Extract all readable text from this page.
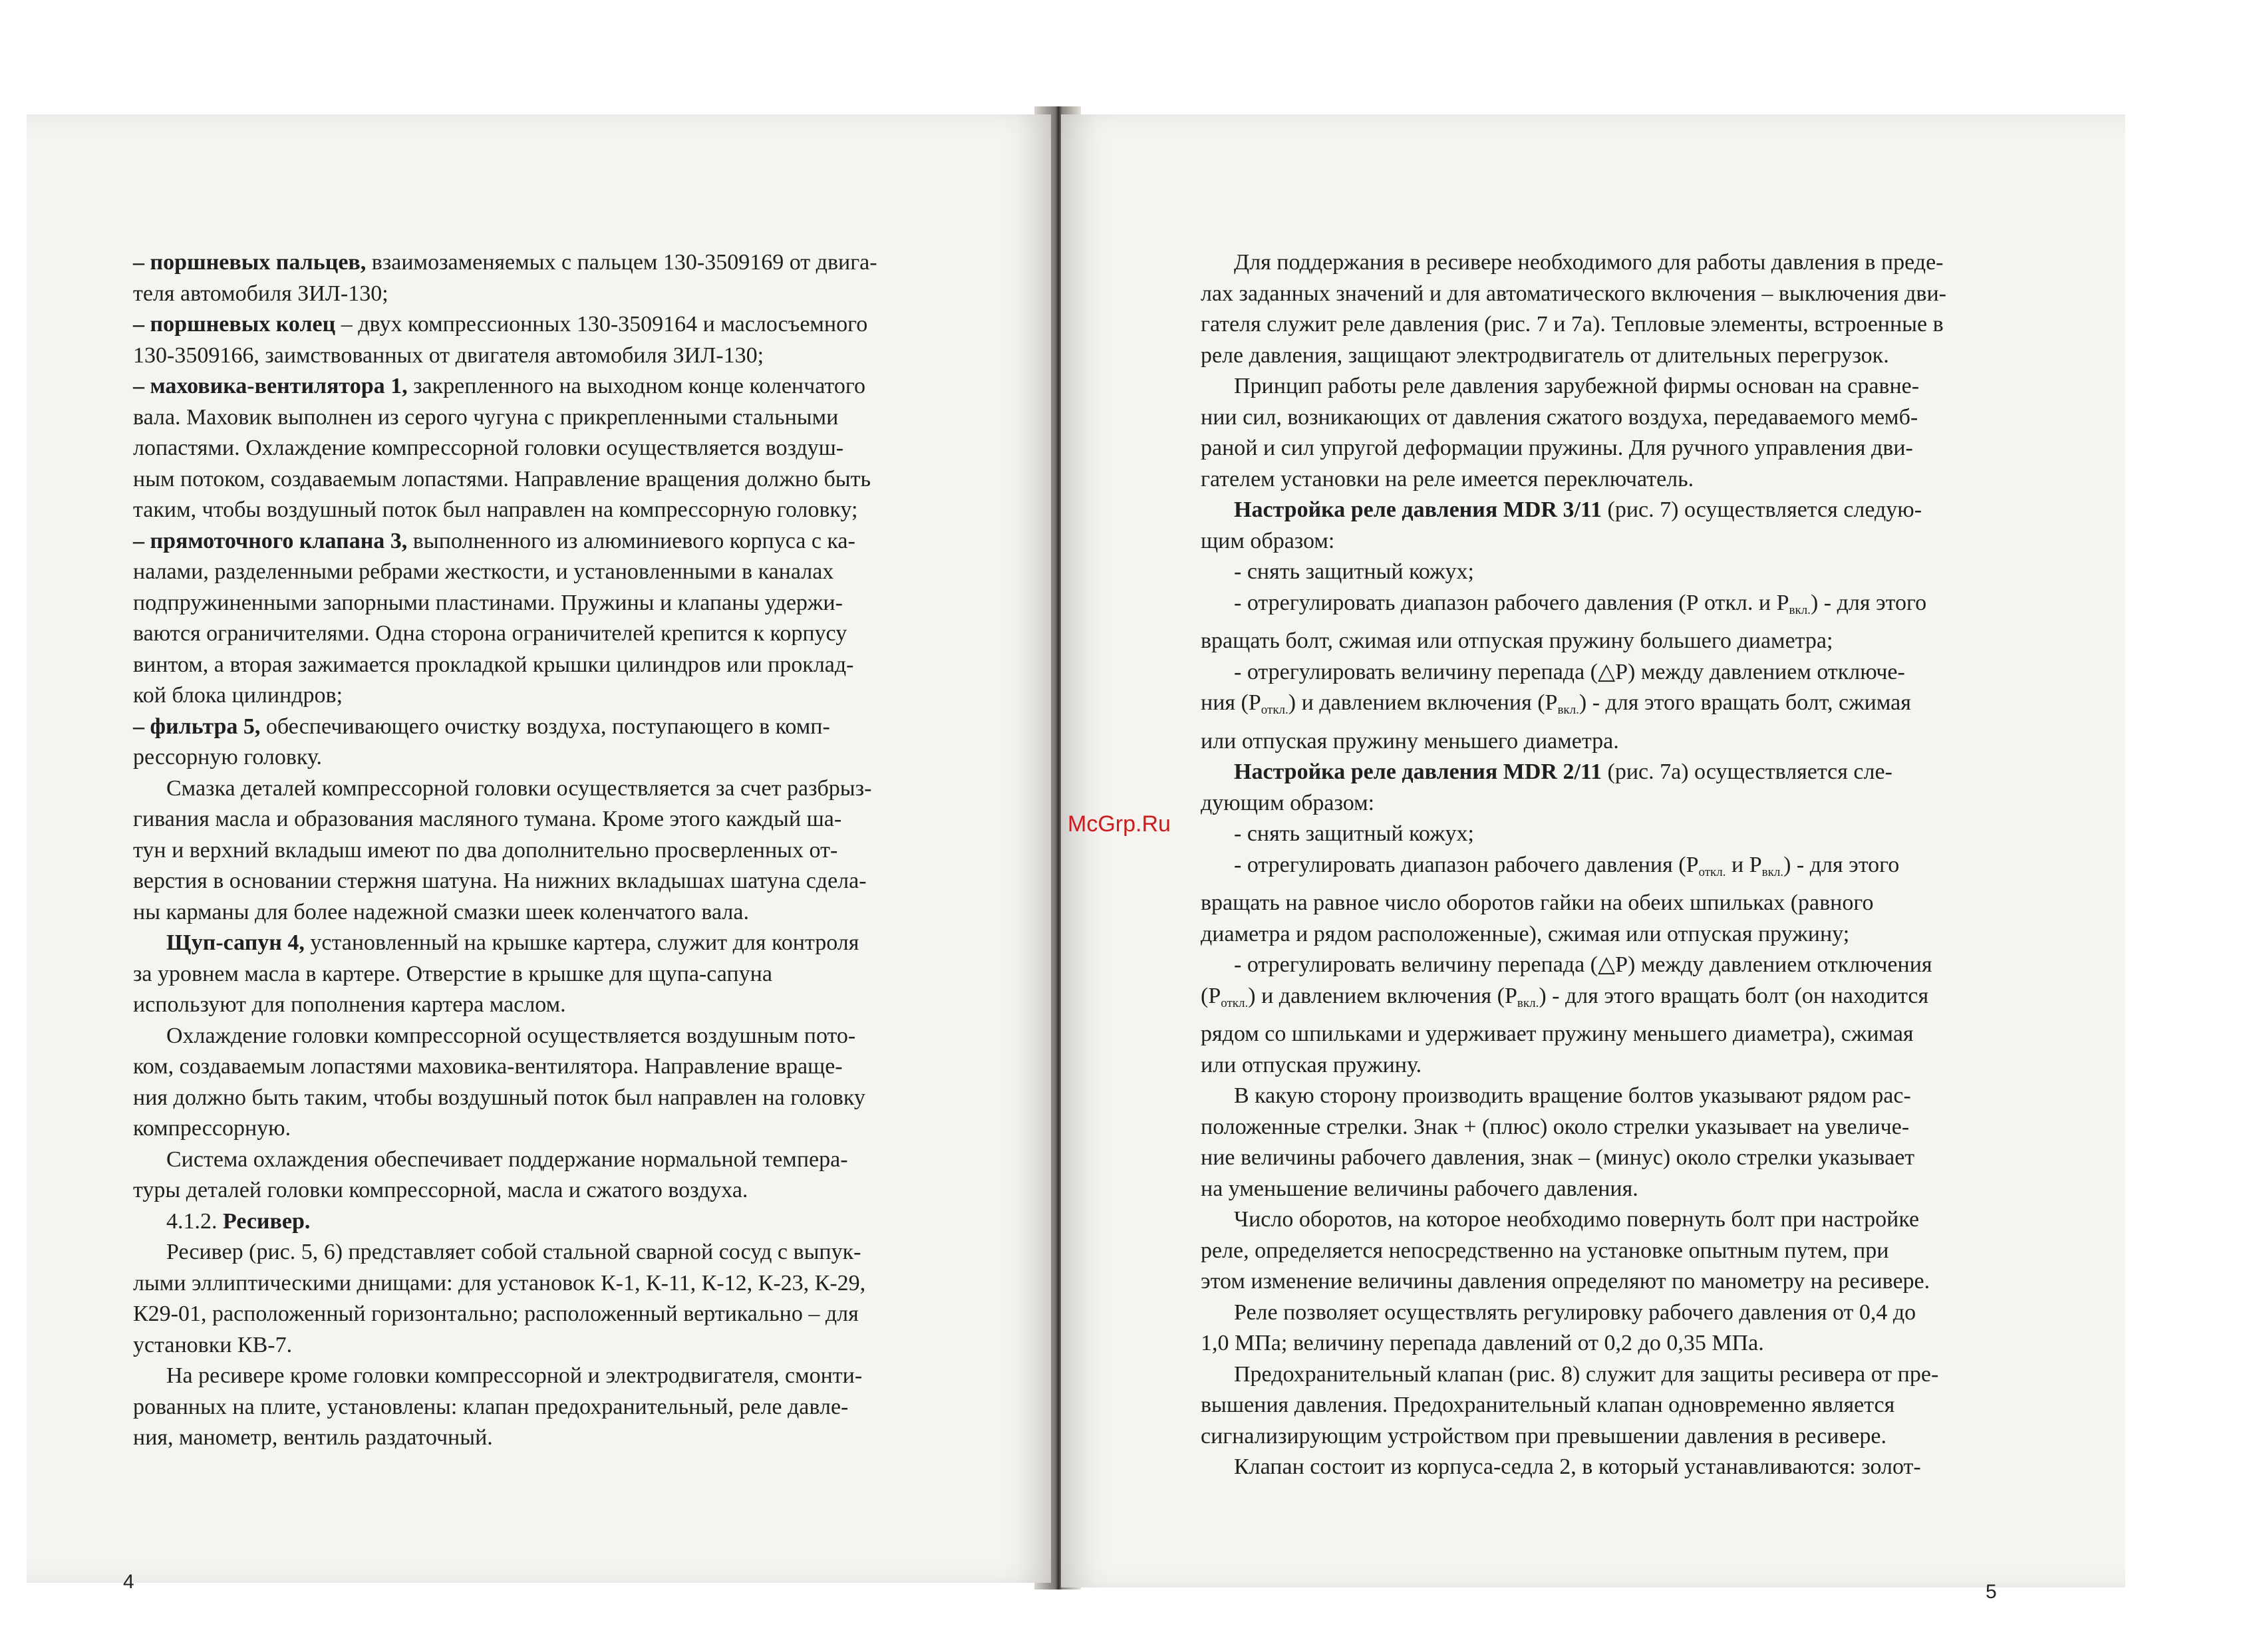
– поршневых пальцев, взаимозаменяемых с пальцем 130-3509169 от двига-

теля автомобиля ЗИЛ-130;

– поршневых колец – двух компрессионных 130-3509164 и маслосъемного

130-3509166, заимствованных от двигателя автомобиля ЗИЛ-130;

– маховика-вентилятора 1, закрепленного на выходном конце коленчатого

вала. Маховик выполнен из серого чугуна с прикрепленными стальными

лопастями. Охлаждение компрессорной головки осуществляется воздуш-

ным потоком, создаваемым лопастями. Направление вращения должно быть

таким, чтобы воздушный поток был направлен на компрессорную головку;

– прямоточного клапана 3, выполненного из алюминиевого корпуса с ка-

налами, разделенными ребрами жесткости, и установленными в каналах

подпружиненными запорными пластинами. Пружины и клапаны удержи-

ваются ограничителями. Одна сторона ограничителей крепится к корпусу

винтом, а вторая зажимается прокладкой крышки цилиндров или проклад-

кой блока цилиндров;

– фильтра 5, обеспечивающего очистку воздуха, поступающего в комп-

рессорную головку.

Смазка деталей компрессорной головки осуществляется за счет разбрыз-

гивания масла и образования масляного тумана. Кроме этого каждый ша-

тун и верхний вкладыш имеют по два дополнительно просверленных от-

верстия в основании стержня шатуна. На нижних вкладышах шатуна сдела-

ны карманы для более надежной смазки шеек коленчатого вала.

Щуп-сапун 4, установленный на крышке картера, служит для контроля

за уровнем масла в картере. Отверстие в крышке для щупа-сапуна

используют для пополнения картера маслом.

Охлаждение головки компрессорной осуществляется воздушным пото-

ком, создаваемым лопастями маховика-вентилятора. Направление враще-

ния должно быть таким, чтобы воздушный поток был направлен на головку

компрессорную.

Система охлаждения обеспечивает поддержание нормальной темпера-

туры деталей головки компрессорной, масла и сжатого воздуха.

4.1.2. Ресивер.

Ресивер (рис. 5, 6) представляет собой стальной сварной сосуд с выпук-

лыми эллиптическими днищами: для установок К-1, К-11, К-12, К-23, К-29,

К29-01, расположенный горизонтально; расположенный вертикально – для

установки КВ-7.

На ресивере кроме головки компрессорной и электродвигателя, смонти-

рованных на плите, установлены: клапан предохранительный, реле давле-

ния, манометр, вентиль раздаточный.

4

Для поддержания в ресивере необходимого для работы давления в преде-

лах заданных значений и для автоматического включения – выключения дви-

гателя служит реле давления (рис. 7 и 7а). Тепловые элементы, встроенные в

реле давления, защищают электродвигатель от длительных перегрузок.

Принцип работы реле давления зарубежной фирмы основан на сравне-

нии сил, возникающих от давления сжатого воздуха, передаваемого мемб-

раной и сил упругой деформации пружины. Для ручного управления дви-

гателем установки на реле имеется переключатель.

Настройка реле давления MDR 3/11 (рис. 7) осуществляется следую-

щим образом:

- снять защитный кожух;

- отрегулировать диапазон рабочего давления (Р откл. и $Р_{вкл.}$) - для этого

вращать болт, сжимая или отпуская пружину большего диаметра;

- отрегулировать величину перепада (△Р) между давлением отключе-

ния $(Р_{откл.})$ и давлением включения $(Р_{вкл.})$ - для этого вращать болт, сжимая

или отпуская пружину меньшего диаметра.

Настройка реле давления MDR 2/11 (рис. 7а) осуществляется сле-

дующим образом:

- снять защитный кожух;

- отрегулировать диапазон рабочего давления ($Р_{откл.}$ и $Р_{вкл.}$) - для этого

вращать на равное число оборотов гайки на обеих шпильках (равного

диаметра и рядом расположенные), сжимая или отпуская пружину;

- отрегулировать величину перепада (△Р) между давлением отключения

$(Р_{откл.})$ и давлением включения $(Р_{вкл.})$ - для этого вращать болт (он находится

рядом со шпильками и удерживает пружину меньшего диаметра), сжимая

или отпуская пружину.

В какую сторону производить вращение болтов указывают рядом рас-

положенные стрелки. Знак + (плюс) около стрелки указывает на увеличе-

ние величины рабочего давления, знак – (минус) около стрелки указывает

на уменьшение величины рабочего давления.

Число оборотов, на которое необходимо повернуть болт при настройке

реле, определяется непосредственно на установке опытным путем, при

этом изменение величины давления определяют по манометру на ресивере.

Реле позволяет осуществлять регулировку рабочего давления от 0,4 до

1,0 МПа; величину перепада давлений от 0,2 до 0,35 МПа.

Предохранительный клапан (рис. 8) служит для защиты ресивера от пре-

вышения давления. Предохранительный клапан одновременно является

сигнализирующим устройством при превышении давления в ресивере.

Клапан состоит из корпуса-седла 2, в который устанавливаются: золот-

5
McGrp.Ru
